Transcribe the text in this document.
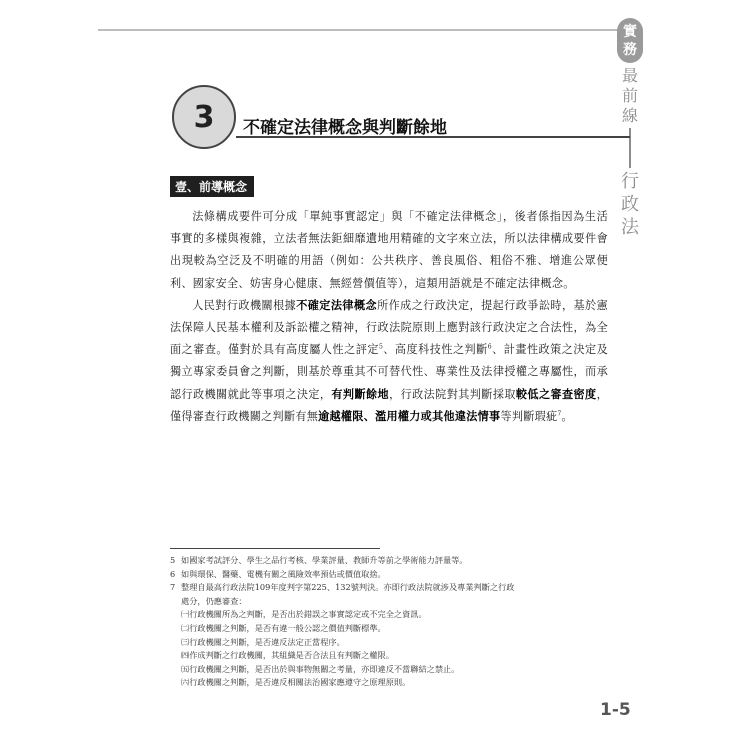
實
務
最
前
線
行
政
法
3 不確定法律概念與判斷餘地
壹、前導概念

法條構成要件可分成「單純事實認定」與「不確定法律概念」，後者係指因為生活事實的多樣與複雜，立法者無法鉅細靡遺地用精確的文字來立法，所以法律構成要件會出現較為空泛及不明確的用語（例如：公共秩序、善良風俗、粗俗不雅、增進公眾便利、國家安全、妨害身心健康、無經營價值等），這類用語就是不確定法律概念。

人民對行政機關根據不確定法律概念所作成之行政決定，提起行政爭訟時，基於憲法保障人民基本權利及訴訟權之精神，行政法院原則上應對該行政決定之合法性，為全面之審查。僅對於具有高度屬人性之評定$^5$、高度科技性之判斷$^6$、計畫性政策之決定及獨立專家委員會之判斷，則基於尊重其不可替代性、專業性及法律授權之專屬性，而承認行政機關就此等事項之決定，有判斷餘地，行政法院對其判斷採取較低之審查密度，僅得審查行政機關之判斷有無逾越權限、濫用權力或其他違法情事等判斷瑕疵$^7$。

5 如國家考試評分、學生之品行考核、學業評量、教師升等前之學術能力評量等。
6 如與環保、醫藥、電機有關之風險效率預估或價值取捨。
7 整理自最高行政法院109年度判字第225、132號判決。亦即行政法院就涉及專業判斷之行政
處分，仍應審查：
㈠行政機關所為之判斷，是否出於錯誤之事實認定或不完全之資訊。
㈡行政機關之判斷，是否有違一般公認之價值判斷標準。
㈢行政機關之判斷，是否違反法定正當程序。
㈣作成判斷之行政機關，其組織是否合法且有判斷之權限。
㈤行政機關之判斷，是否出於與事物無關之考量，亦即違反不當聯結之禁止。
㈥行政機關之判斷，是否違反相關法治國家應遵守之原理原則。
1-5
